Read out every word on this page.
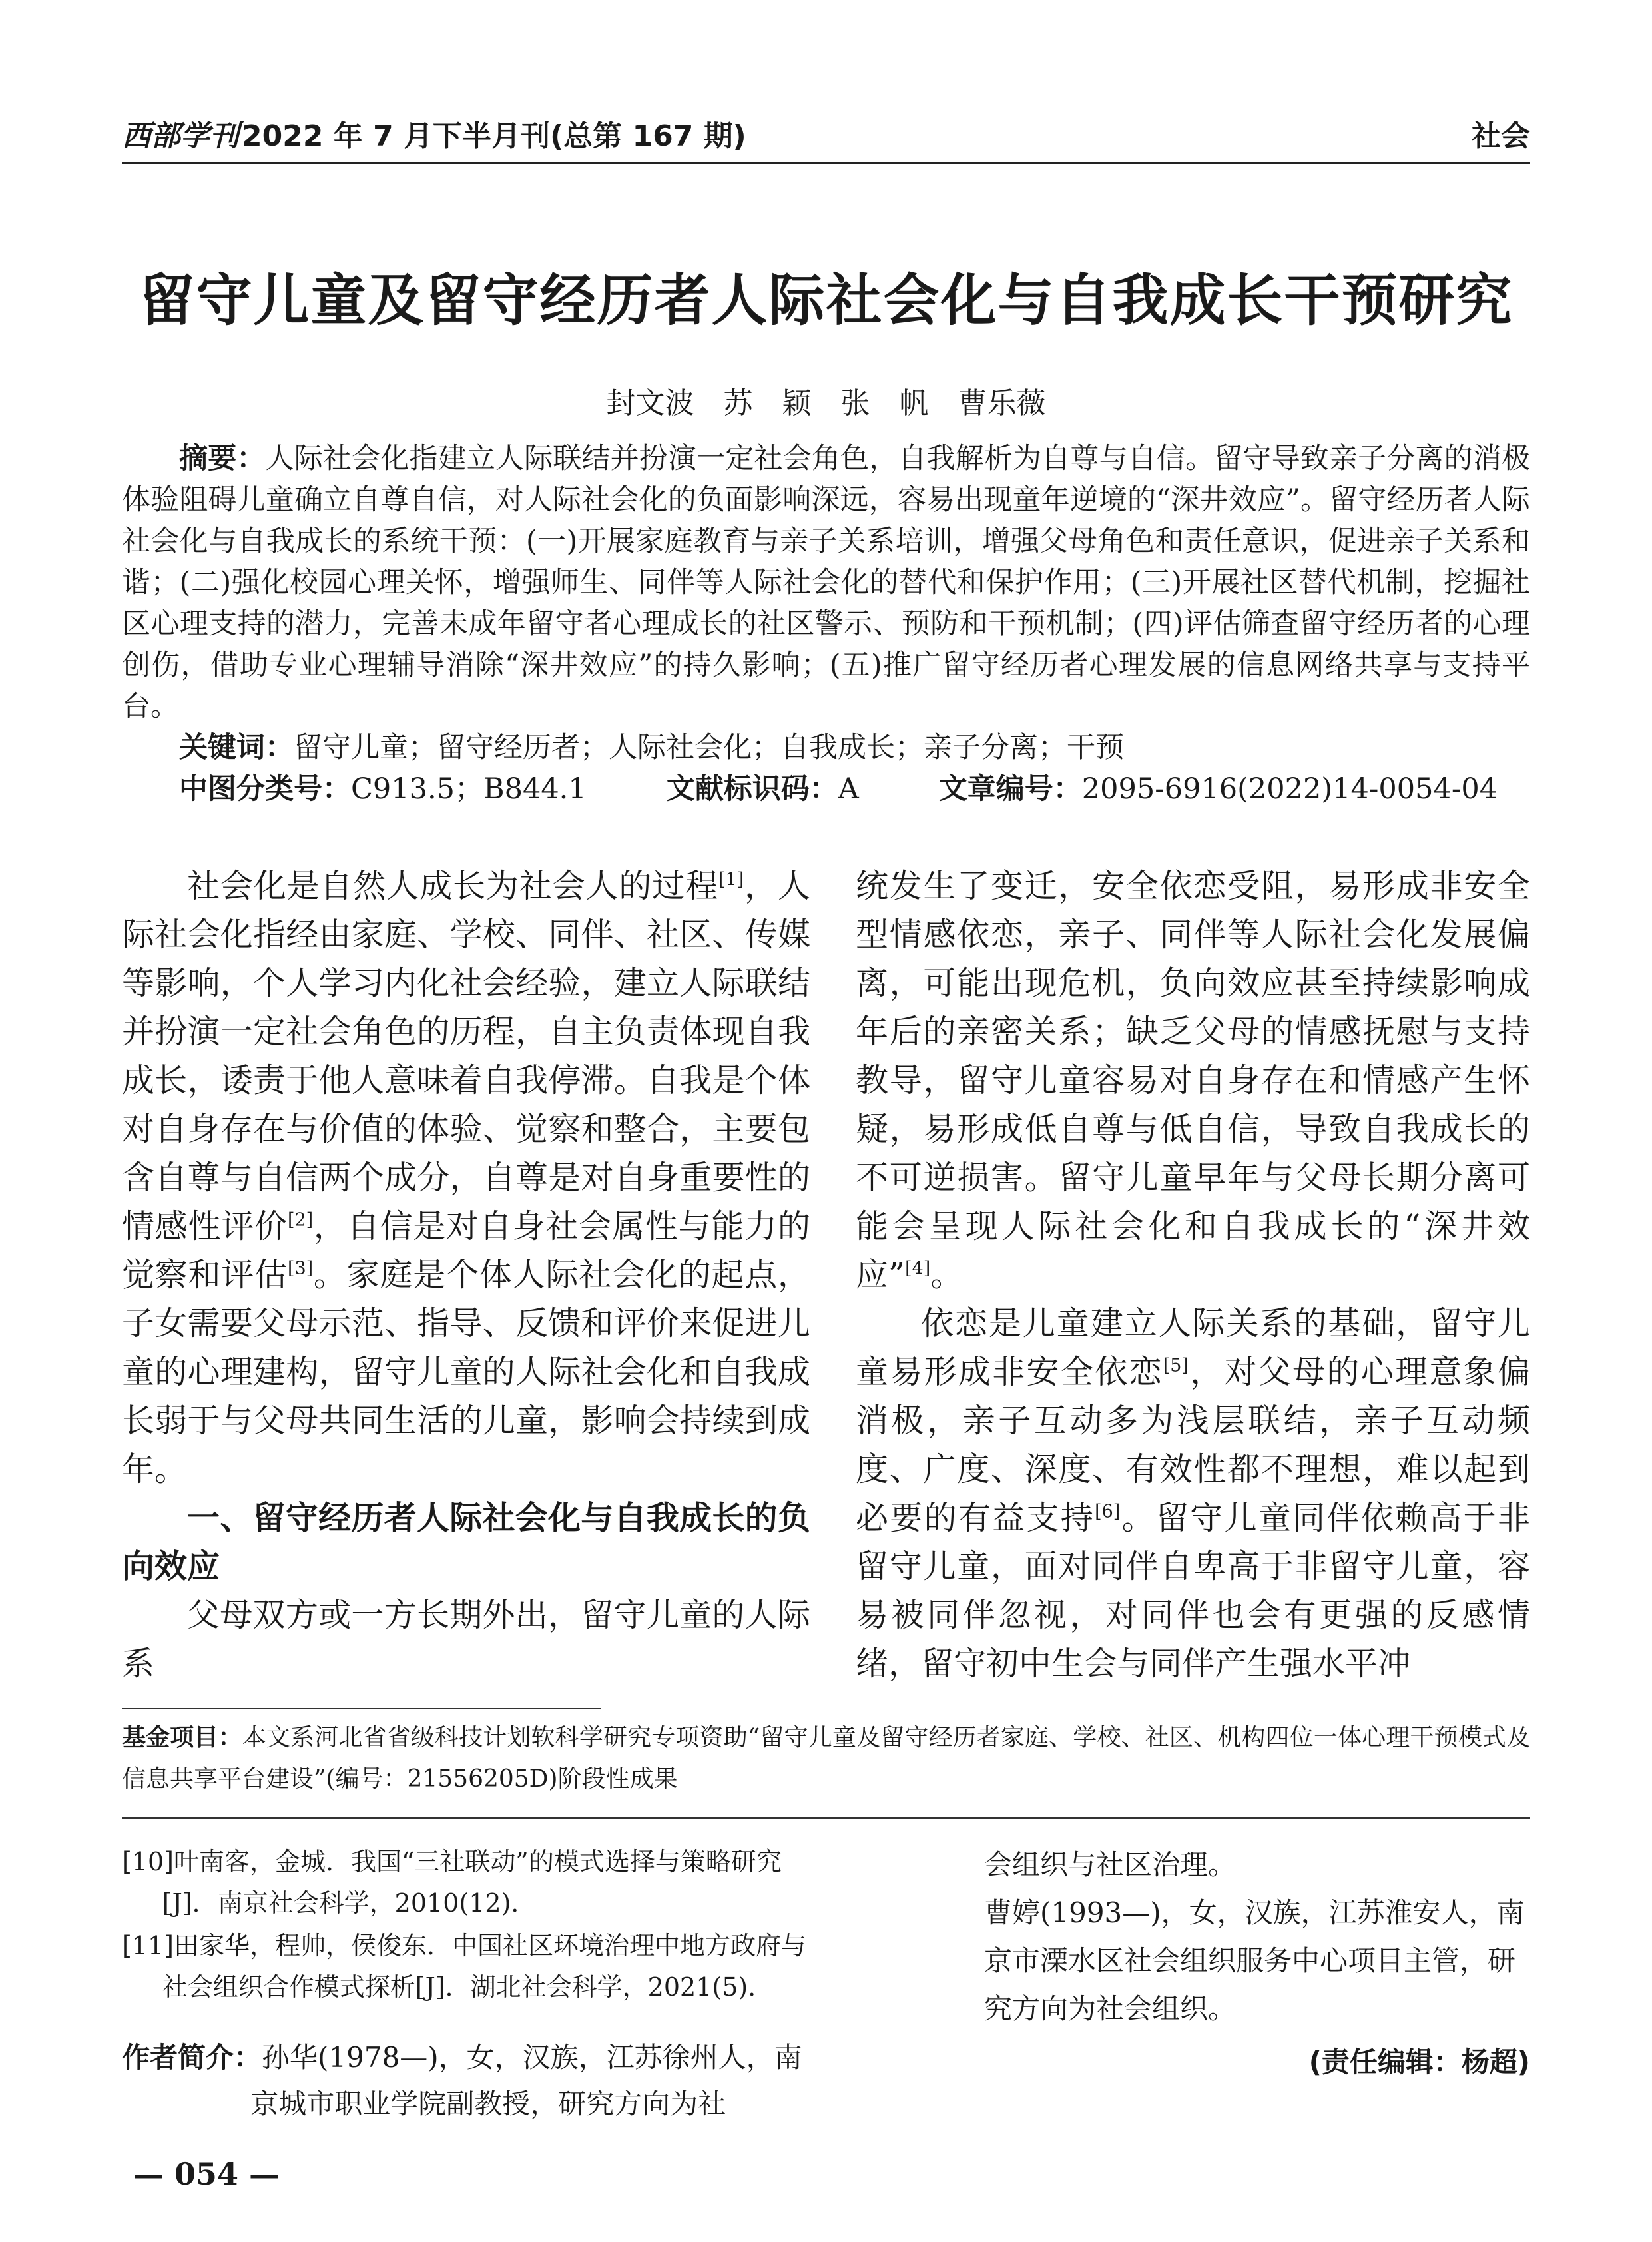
西部学刊2022 年 7 月下半月刊(总第 167 期)	社会
留守儿童及留守经历者人际社会化与自我成长干预研究
封文波　苏　颖　张　帆　曹乐薇

摘要：人际社会化指建立人际联结并扮演一定社会角色，自我解析为自尊与自信。留守导致亲子分离的消极体验阻碍儿童确立自尊自信，对人际社会化的负面影响深远，容易出现童年逆境的“深井效应”。留守经历者人际社会化与自我成长的系统干预：(一)开展家庭教育与亲子关系培训，增强父母角色和责任意识，促进亲子关系和谐；(二)强化校园心理关怀，增强师生、同伴等人际社会化的替代和保护作用；(三)开展社区替代机制，挖掘社区心理支持的潜力，完善未成年留守者心理成长的社区警示、预防和干预机制；(四)评估筛查留守经历者的心理创伤，借助专业心理辅导消除“深井效应”的持久影响；(五)推广留守经历者心理发展的信息网络共享与支持平台。

关键词：留守儿童；留守经历者；人际社会化；自我成长；亲子分离；干预

中图分类号：C913.5；B844.1	文献标识码：A	文章编号：2095-6916(2022)14-0054-04

社会化是自然人成长为社会人的过程[1]，人际社会化指经由家庭、学校、同伴、社区、传媒等影响，个人学习内化社会经验，建立人际联结并扮演一定社会角色的历程，自主负责体现自我成长，诿责于他人意味着自我停滞。自我是个体对自身存在与价值的体验、觉察和整合，主要包含自尊与自信两个成分，自尊是对自身重要性的情感性评价[2]，自信是对自身社会属性与能力的觉察和评估[3]。家庭是个体人际社会化的起点，子女需要父母示范、指导、反馈和评价来促进儿童的心理建构，留守儿童的人际社会化和自我成长弱于与父母共同生活的儿童，影响会持续到成年。

一、留守经历者人际社会化与自我成长的负向效应

父母双方或一方长期外出，留守儿童的人际系

统发生了变迁，安全依恋受阻，易形成非安全型情感依恋，亲子、同伴等人际社会化发展偏离，可能出现危机，负向效应甚至持续影响成年后的亲密关系；缺乏父母的情感抚慰与支持教导，留守儿童容易对自身存在和情感产生怀疑，易形成低自尊与低自信，导致自我成长的不可逆损害。留守儿童早年与父母长期分离可能会呈现人际社会化和自我成长的“深井效应”[4]。

依恋是儿童建立人际关系的基础，留守儿童易形成非安全依恋[5]，对父母的心理意象偏消极，亲子互动多为浅层联结，亲子互动频度、广度、深度、有效性都不理想，难以起到必要的有益支持[6]。留守儿童同伴依赖高于非留守儿童，面对同伴自卑高于非留守儿童，容易被同伴忽视，对同伴也会有更强的反感情绪，留守初中生会与同伴产生强水平冲

基金项目：本文系河北省省级科技计划软科学研究专项资助“留守儿童及留守经历者家庭、学校、社区、机构四位一体心理干预模式及信息共享平台建设”(编号：21556205D)阶段性成果
[10]叶南客，金城．我国“三社联动”的模式选择与策略研究[J]．南京社会科学，2010(12)．
[11]田家华，程帅，侯俊东．中国社区环境治理中地方政府与社会组织合作模式探析[J]．湖北社会科学，2021(5)．
作者简介：孙华(1978—)，女，汉族，江苏徐州人，南
京城市职业学院副教授，研究方向为社

会组织与社区治理。

曹婷(1993—)，女，汉族，江苏淮安人，南京市溧水区社会组织服务中心项目主管，研究方向为社会组织。

(责任编辑：杨超)
— 054 —
